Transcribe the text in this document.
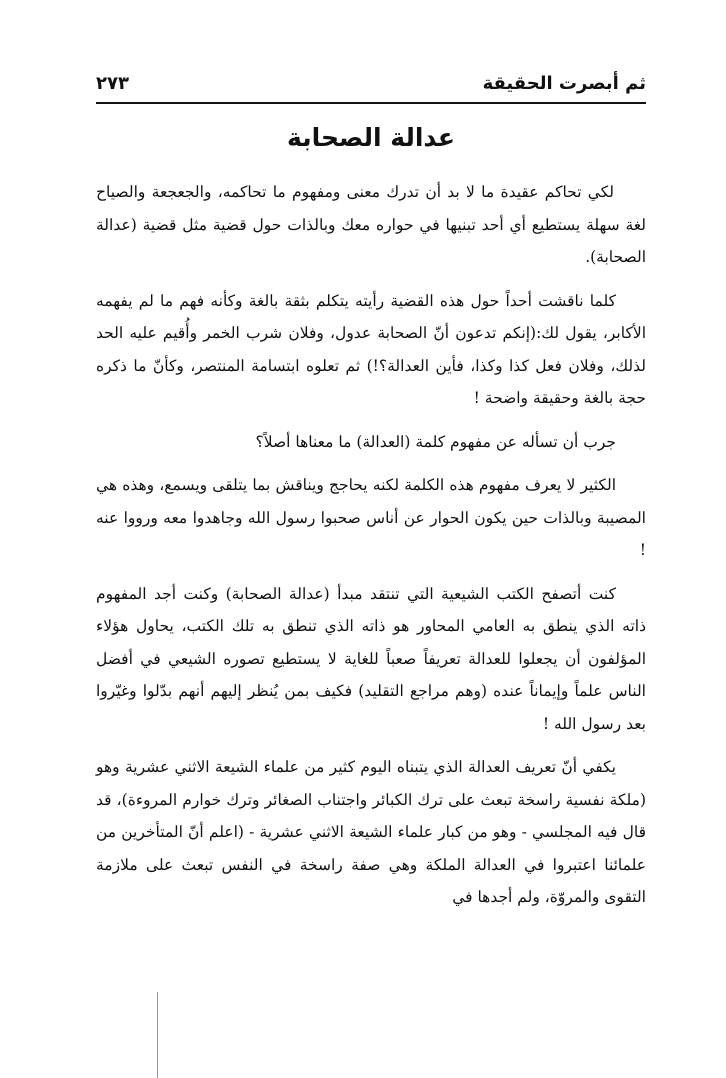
ثم أبصرت الحقيقة
٢٧٣
عدالة الصحابة

لكي تحاكم عقيدة ما لا بد أن تدرك معنى ومفهوم ما تحاكمه، والجعجعة والصياح لغة سهلة يستطيع أي أحد تبنيها في حواره معك وبالذات حول قضية مثل قضية (عدالة الصحابة).

كلما ناقشت أحداً حول هذه القضية رأيته يتكلم بثقة بالغة وكأنه فهم ما لم يفهمه الأكابر، يقول لك:(إنكم تدعون أنّ الصحابة عدول، وفلان شرب الخمر وأُقيم عليه الحد لذلك، وفلان فعل كذا وكذا، فأين العدالة؟!) ثم تعلوه ابتسامة المنتصر، وكأنّ ما ذكره حجة بالغة وحقيقة واضحة !

جرب أن تسأله عن مفهوم كلمة (العدالة) ما معناها أصلاً؟

الكثير لا يعرف مفهوم هذه الكلمة لكنه يحاجج ويناقش بما يتلقى ويسمع، وهذه هي المصيبة وبالذات حين يكون الحوار عن أناس صحبوا رسول الله وجاهدوا معه ورووا عنه !

كنت أتصفح الكتب الشيعية التي تنتقد مبدأ (عدالة الصحابة) وكنت أجد المفهوم ذاته الذي ينطق به العامي المحاور هو ذاته الذي تنطق به تلك الكتب، يحاول هؤلاء المؤلفون أن يجعلوا للعدالة تعريفاً صعباً للغاية لا يستطيع تصوره الشيعي في أفضل الناس علماً وإيماناً عنده (وهم مراجع التقليد) فكيف بمن يُنظر إليهم أنهم بدّلوا وغيّروا بعد رسول الله !

يكفي أنّ تعريف العدالة الذي يتبناه اليوم كثير من علماء الشيعة الاثني عشرية وهو (ملكة نفسية راسخة تبعث على ترك الكبائر واجتناب الصغائر وترك خوارم المروءة)، قد قال فيه المجلسي - وهو من كبار علماء الشيعة الاثني عشرية - (اعلم أنّ المتأخرين من علمائنا اعتبروا في العدالة الملكة وهي صفة راسخة في النفس تبعث على ملازمة التقوى والمروّة، ولم أجدها في
